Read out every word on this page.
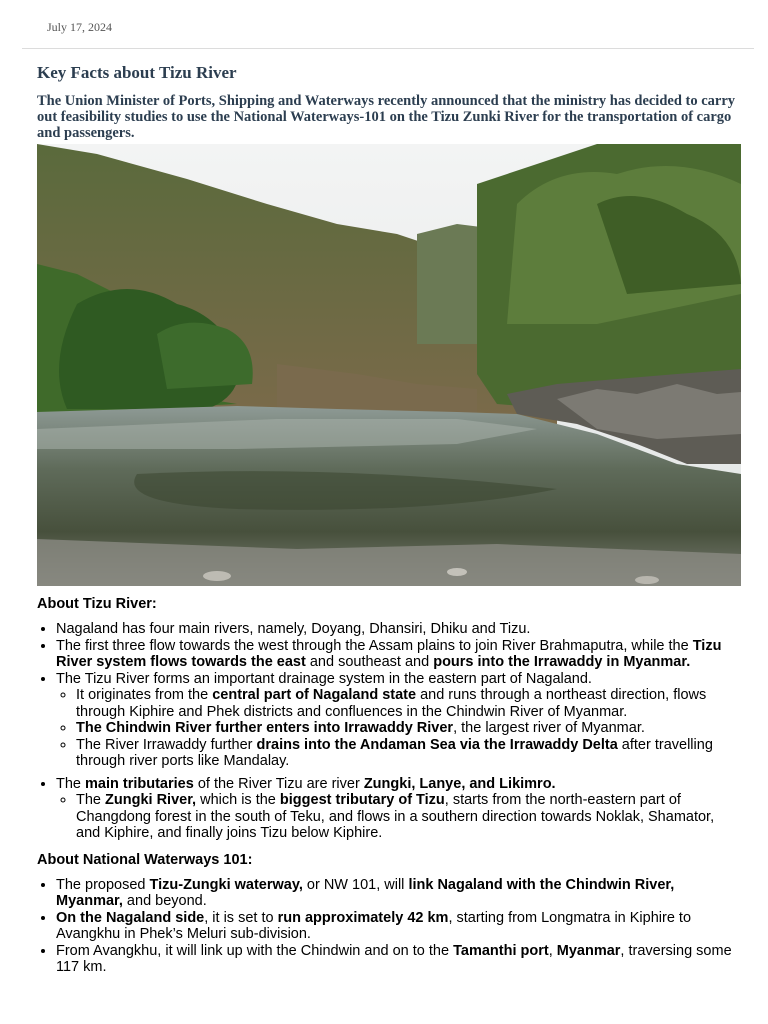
July 17, 2024
Key Facts about Tizu River

The Union Minister of Ports, Shipping and Waterways recently announced that the ministry has decided to carry out feasibility studies to use the National Waterways-101 on the Tizu Zunki River for the transportation of cargo and passengers.

About Tizu River:
• Nagaland has four main rivers, namely, Doyang, Dhansiri, Dhiku and Tizu.
• The first three flow towards the west through the Assam plains to join River Brahmaputra, while the Tizu River system flows towards the east and southeast and pours into the Irrawaddy in Myanmar.
• The Tizu River forms an important drainage system in the eastern part of Nagaland.
◦ It originates from the central part of Nagaland state and runs through a northeast direction, flows through Kiphire and Phek districts and confluences in the Chindwin River of Myanmar.
◦ The Chindwin River further enters into Irrawaddy River, the largest river of Myanmar.
◦ The River Irrawaddy further drains into the Andaman Sea via the Irrawaddy Delta after travelling through river ports like Mandalay.
• The main tributaries of the River Tizu are river Zungki, Lanye, and Likimro.
◦ The Zungki River, which is the biggest tributary of Tizu, starts from the north-eastern part of Changdong forest in the south of Teku, and flows in a southern direction towards Noklak, Shamator, and Kiphire, and finally joins Tizu below Kiphire.
About National Waterways 101:
• The proposed Tizu-Zungki waterway, or NW 101, will link Nagaland with the Chindwin River, Myanmar, and beyond.
• On the Nagaland side, it is set to run approximately 42 km, starting from Longmatra in Kiphire to Avangkhu in Phek’s Meluri sub-division.
• From Avangkhu, it will link up with the Chindwin and on to the Tamanthi port, Myanmar, traversing some 117 km.
